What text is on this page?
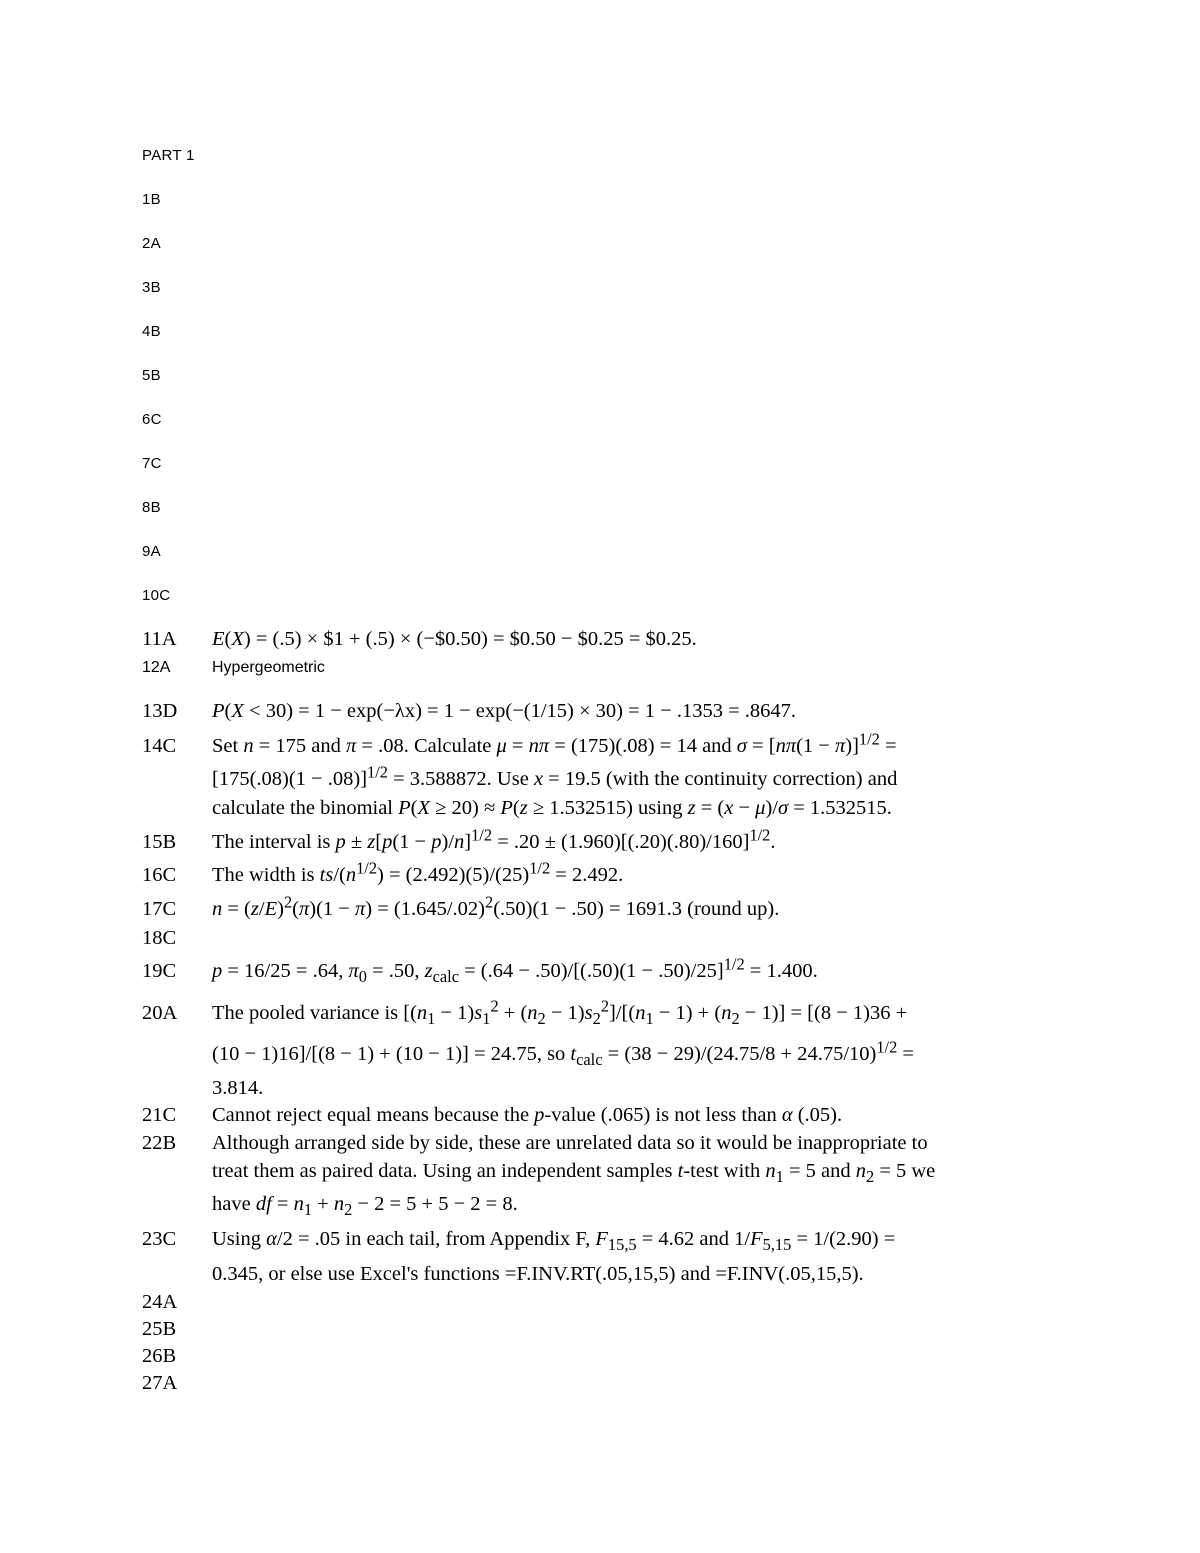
PART 1
1B
2A
3B
4B
5B
6C
7C
8B
9A
10C
11A E(X) = (.5) × $1 + (.5) × (−$0.50) = $0.50 − $0.25 = $0.25.
12A	Hypergeometric
13D P(X < 30) = 1 − exp(−λx) = 1 − exp(−(1/15) × 30) = 1 − .1353 = .8647.
14C Set n = 175 and π = .08. Calculate μ = nπ = (175)(.08) = 14 and $\sigma = [n\pi(1 - \pi)]^{1/2}$ =
$[175(.08)(1 - .08)]^{1/2} = 3.588872$. Use x = 19.5 (with the continuity correction) and
calculate the binomial P(X ≥ 20) ≈ P(z ≥ 1.532515) using z = (x − μ)/σ = 1.532515.
15B The interval is $p \pm z[p(1 - p)/n]^{1/2} = .20 \pm (1.960)[(.20)(.80)/160]^{1/2}$.
16C The width is $ts/(n^{1/2}) = (2.492)(5)/(25)^{1/2} = 2.492$.
17C $n = (z/E)^2(\pi)(1 - \pi) = (1.645/.02)^2(.50)(1 - .50) = 1691.3$ (round up).
18C
19C p = 16/25 = .64, $\pi_0 = .50$, $z_{calc} = (.64 - .50)/[(.50)(1 - .50)/25]^{1/2} = 1.400$.
20A The pooled variance is $[(n_1 - 1)s_1^2 + (n_2 - 1)s_2^2]/[(n_1 - 1) + (n_2 - 1)] = [(8 - 1)36$ +
(10 − 1)16]/[(8 − 1) + (10 − 1)] = 24.75, so $t_{calc} = (38 - 29)/(24.75/8 + 24.75/10)^{1/2}$ =
3.814.
21C Cannot reject equal means because the p-value (.065) is not less than α (.05).
22B Although arranged side by side, these are unrelated data so it would be inappropriate to
treat them as paired data. Using an independent samples t-test with $n_1 = 5$ and $n_2 = 5$ we
have df = $n_1 + n_2 - 2 = 5 + 5 - 2 = 8$.
23C Using α/2 = .05 in each tail, from Appendix F, $F_{15,5} = 4.62$ and $1/F_{5,15} = 1/(2.90)$ =
0.345, or else use Excel's functions =F.INV.RT(.05,15,5) and =F.INV(.05,15,5).
24A
25B
26B
27A
